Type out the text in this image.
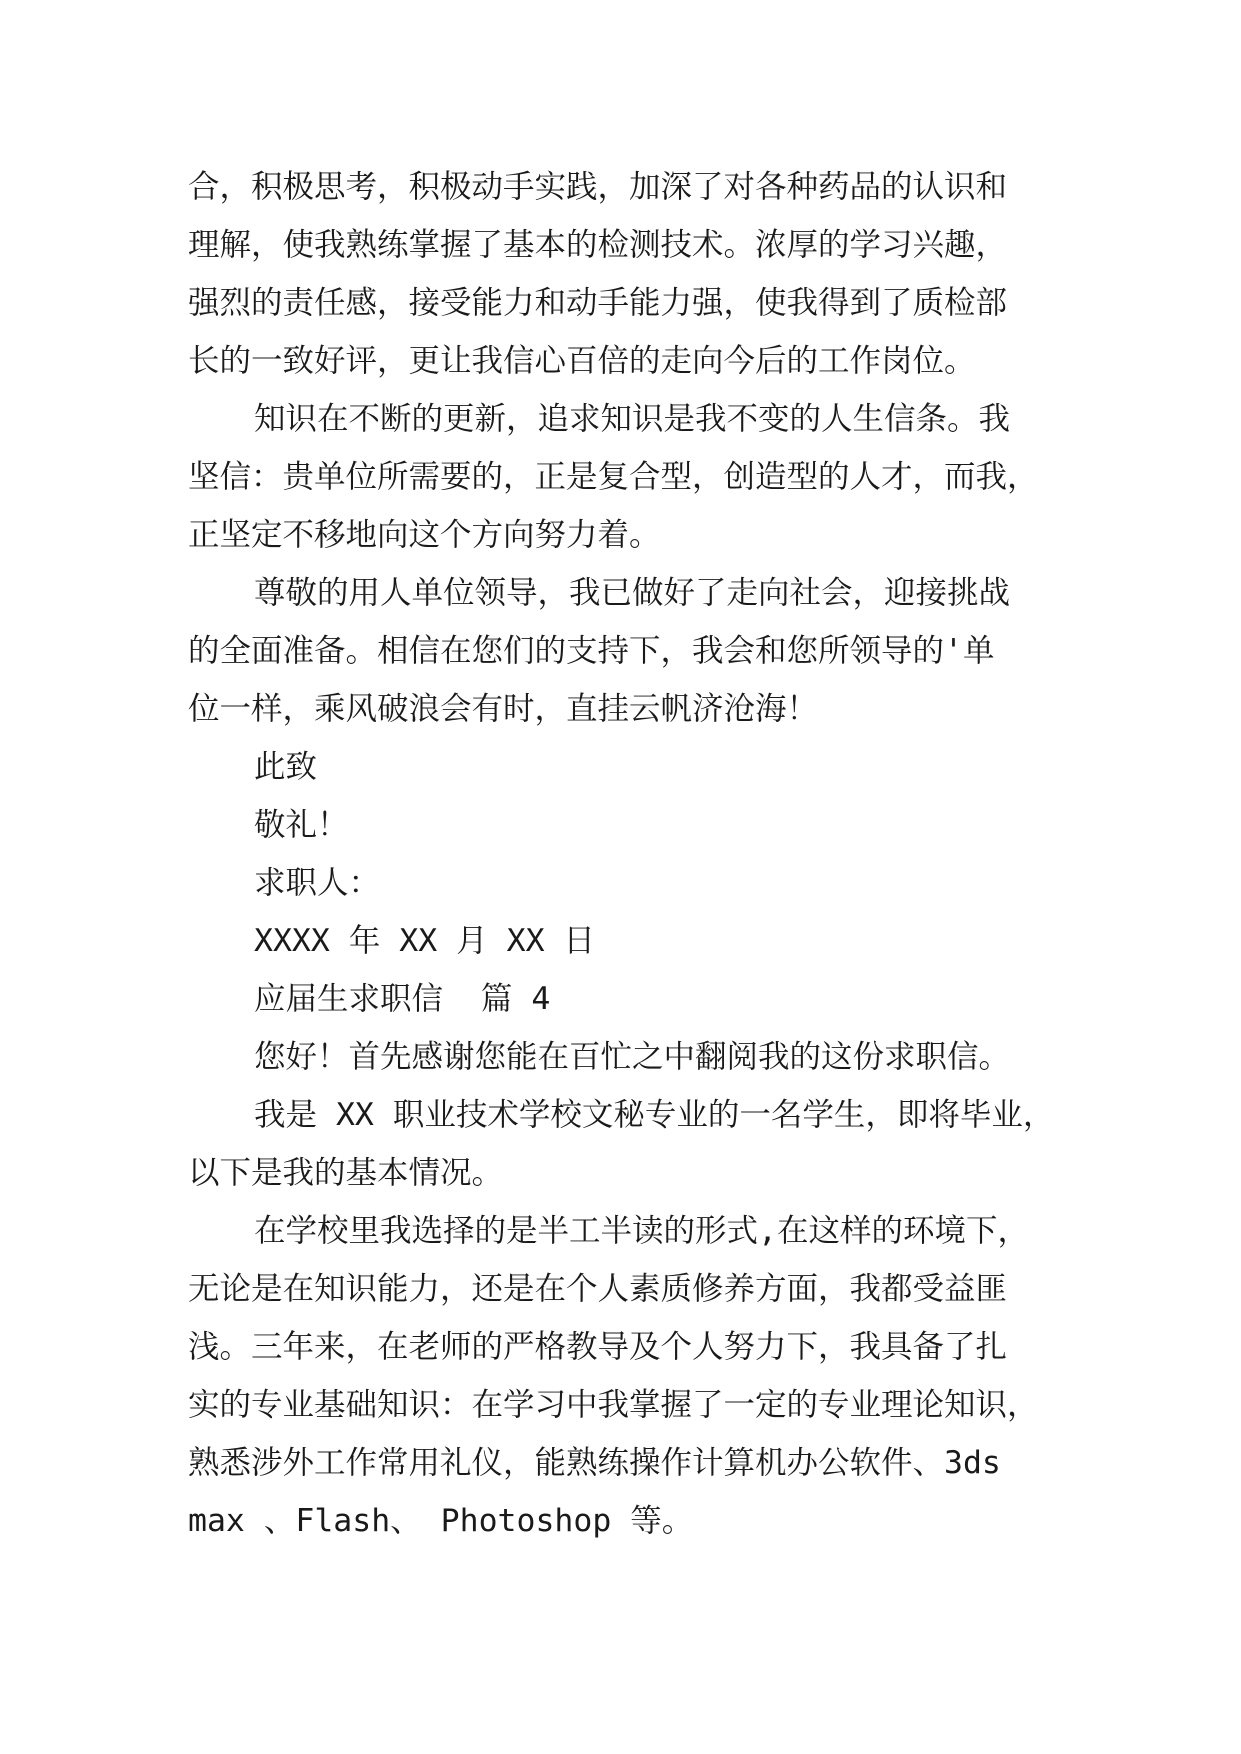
合，积极思考，积极动手实践，加深了对各种药品的认识和
理解，使我熟练掌握了基本的检测技术。浓厚的学习兴趣，
强烈的责任感，接受能力和动手能力强，使我得到了质检部
长的一致好评，更让我信心百倍的走向今后的工作岗位。
知识在不断的更新，追求知识是我不变的人生信条。我
坚信：贵单位所需要的，正是复合型，创造型的人才，而我，
正坚定不移地向这个方向努力着。
尊敬的用人单位领导，我已做好了走向社会，迎接挑战
的全面准备。相信在您们的支持下，我会和您所领导的'单
位一样，乘风破浪会有时，直挂云帆济沧海！
此致
敬礼！
求职人：
XXXX 年 XX 月 XX 日
应届生求职信  篇 4
您好！首先感谢您能在百忙之中翻阅我的这份求职信。
我是 XX 职业技术学校文秘专业的一名学生，即将毕业，
以下是我的基本情况。
在学校里我选择的是半工半读的形式,在这样的环境下，
无论是在知识能力，还是在个人素质修养方面，我都受益匪
浅。三年来，在老师的严格教导及个人努力下，我具备了扎
实的专业基础知识：在学习中我掌握了一定的专业理论知识，
熟悉涉外工作常用礼仪，能熟练操作计算机办公软件、3ds
max 、Flash、 Photoshop 等。
